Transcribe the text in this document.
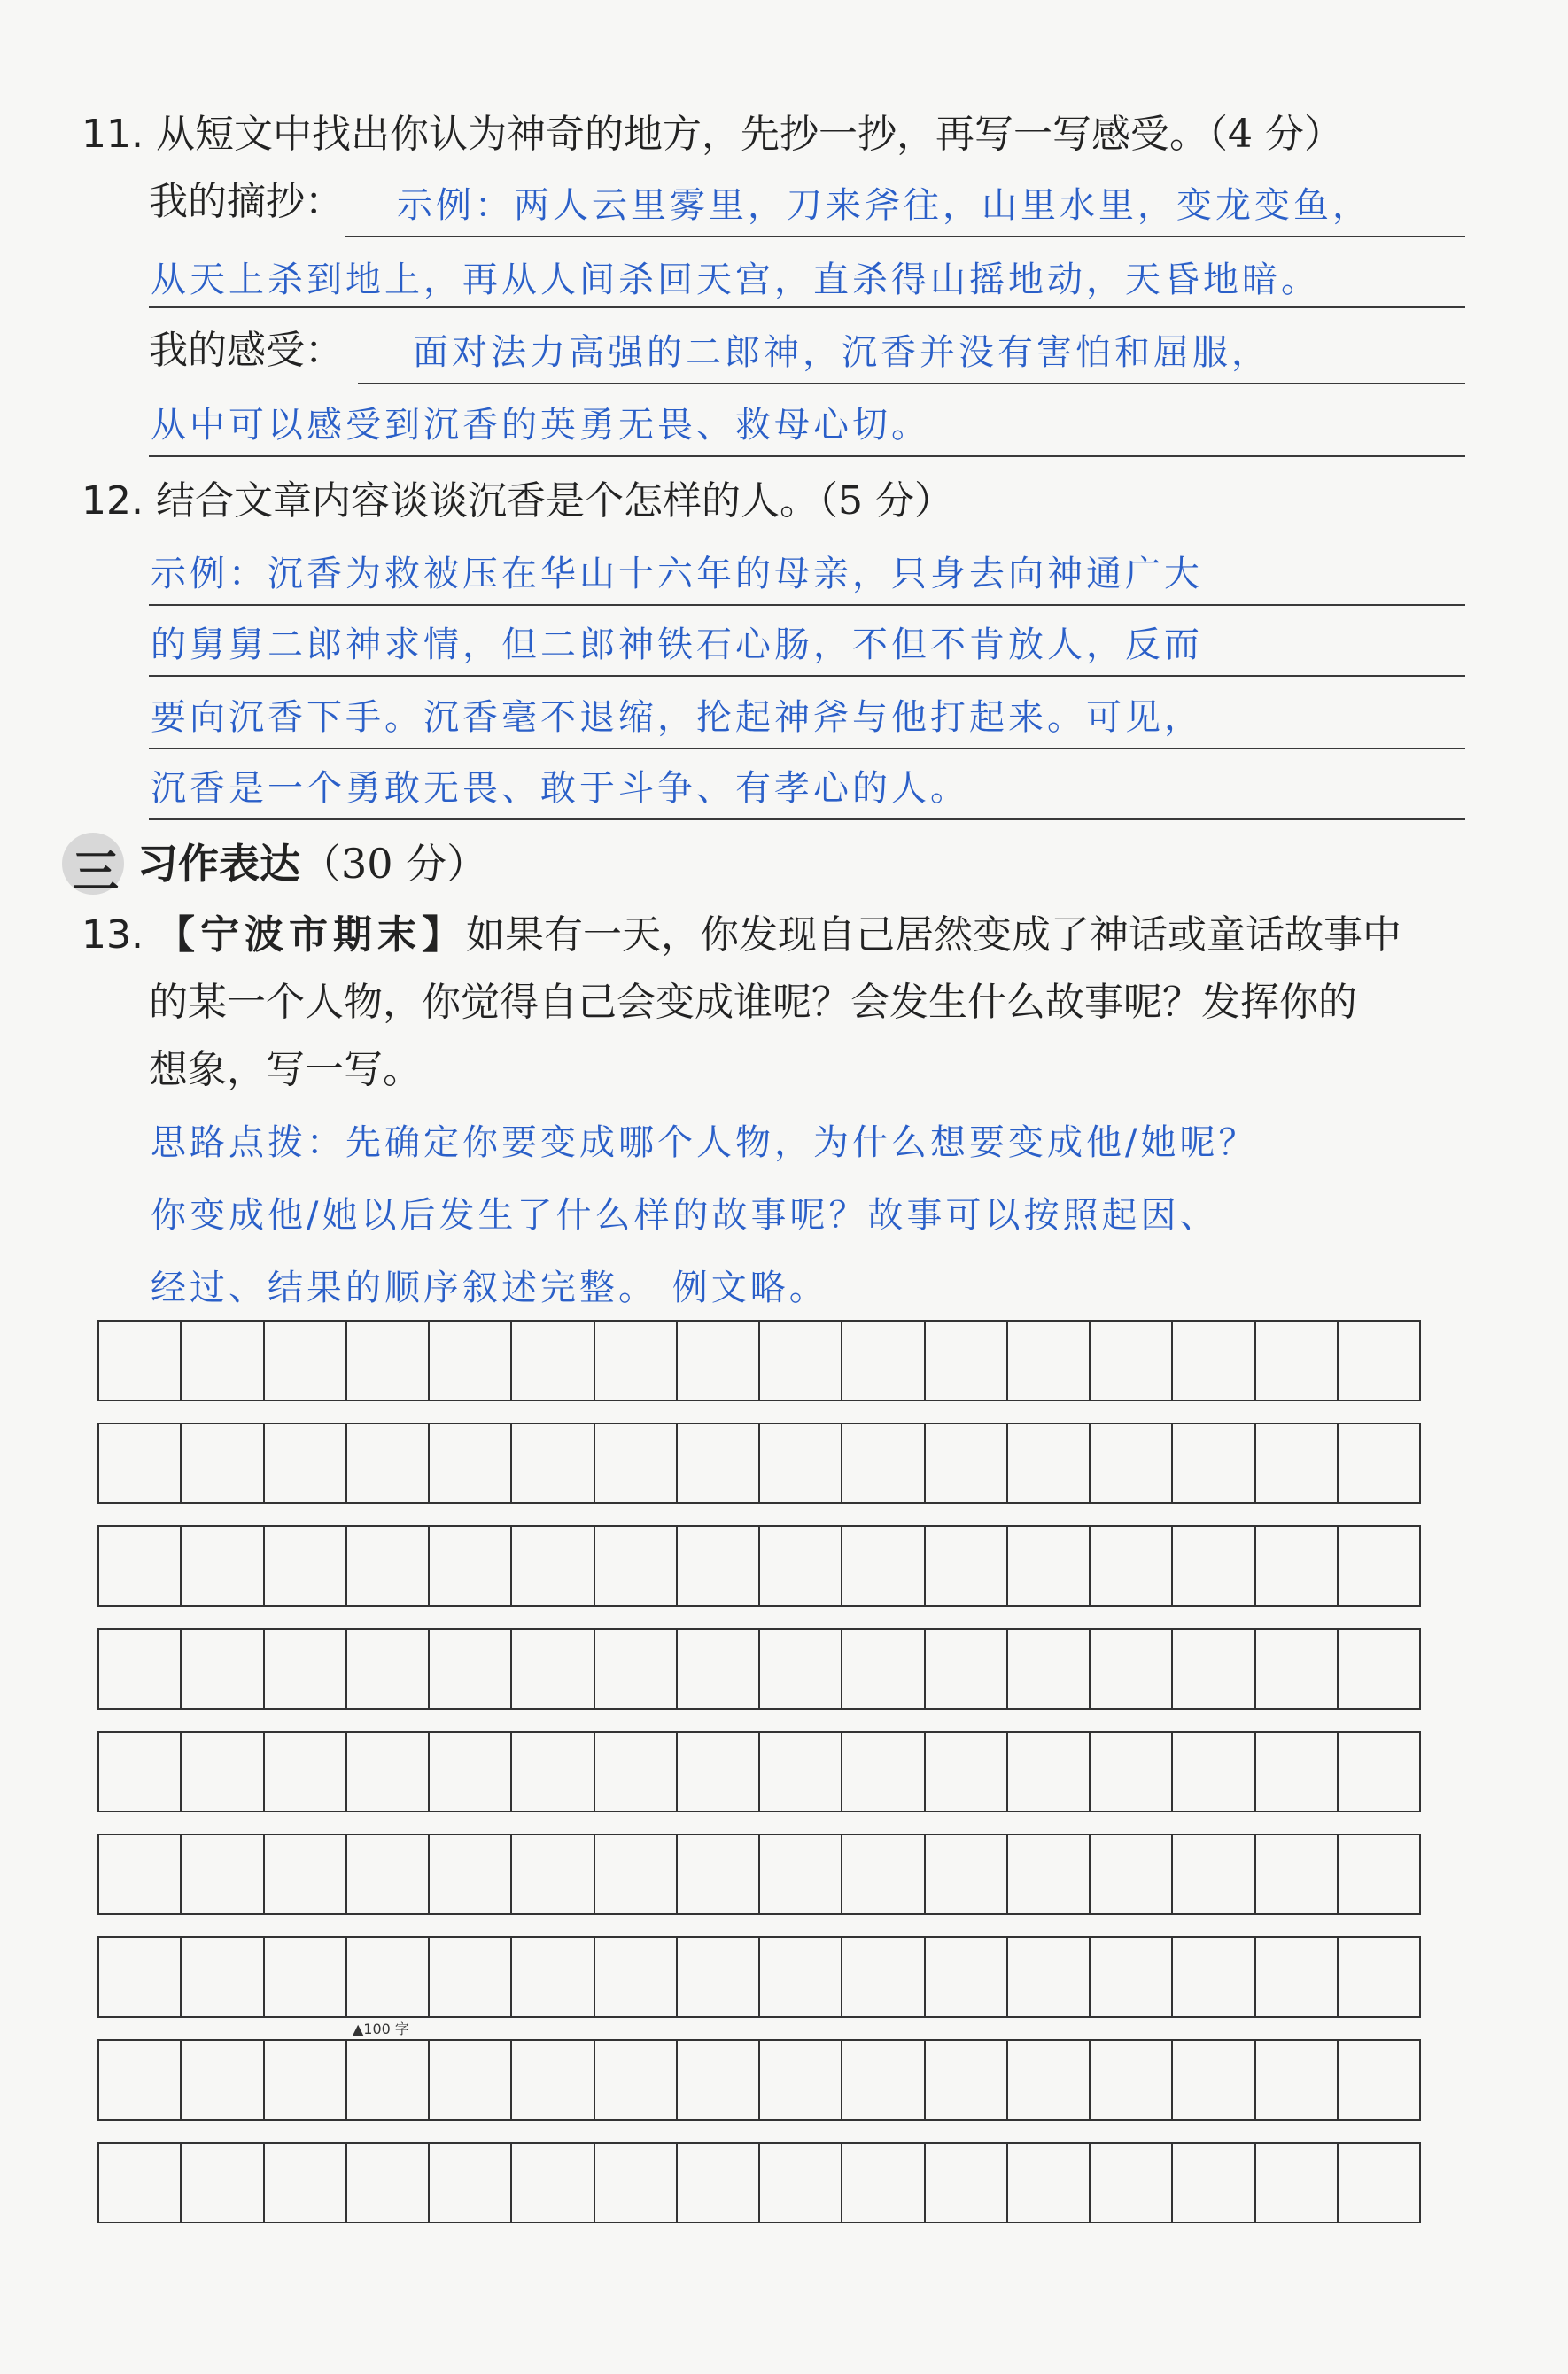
11. 从短文中找出你认为神奇的地方，先抄一抄，再写一写感受。（4 分）
我的摘抄： 示例：两人云里雾里，刀来斧往，山里水里，变龙变鱼，
从天上杀到地上，再从人间杀回天宫，直杀得山摇地动，天昏地暗。
我的感受： 面对法力高强的二郎神，沉香并没有害怕和屈服，
从中可以感受到沉香的英勇无畏、救母心切。
12. 结合文章内容谈谈沉香是个怎样的人。（5 分）
示例：沉香为救被压在华山十六年的母亲，只身去向神通广大
的舅舅二郎神求情，但二郎神铁石心肠，不但不肯放人，反而
要向沉香下手。沉香毫不退缩，抡起神斧与他打起来。可见，
沉香是一个勇敢无畏、敢于斗争、有孝心的人。
三 习作表达（30 分）
13. 【宁波市期末】如果有一天，你发现自己居然变成了神话或童话故事中
的某一个人物，你觉得自己会变成谁呢？会发生什么故事呢？发挥你的
想象，写一写。
思路点拨：先确定你要变成哪个人物，为什么想要变成他/她呢？
你变成他/她以后发生了什么样的故事呢？故事可以按照起因、
经过、结果的顺序叙述完整。 例文略。
▲100 字
